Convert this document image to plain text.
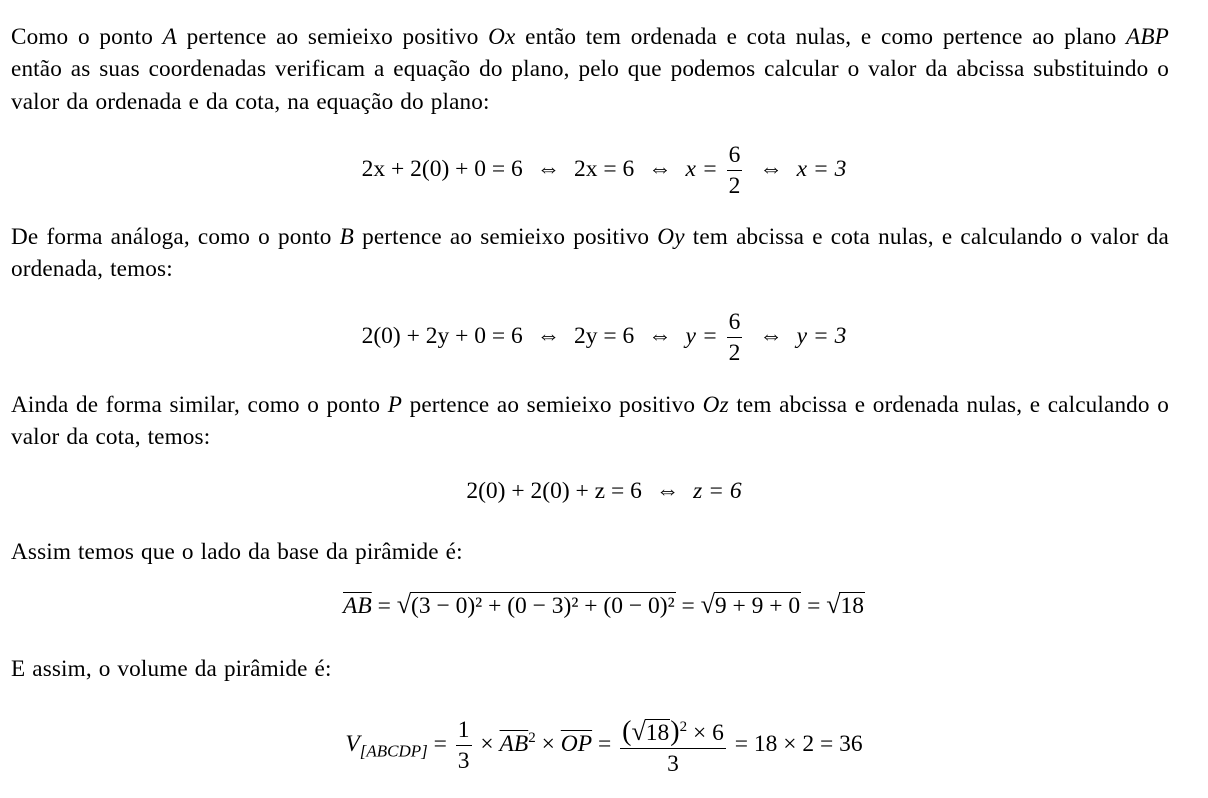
Como o ponto A pertence ao semieixo positivo Ox então tem ordenada e cota nulas, e como pertence ao plano ABP então as suas coordenadas verificam a equação do plano, pelo que podemos calcular o valor da abcissa substituindo o valor da ordenada e da cota, na equação do plano:

2x + 2(0) + 0 = 6 ⇔ 2x = 6 ⇔ $x = \frac{6}{2}$ ⇔ x = 3

De forma análoga, como o ponto B pertence ao semieixo positivo Oy tem abcissa e cota nulas, e calculando o valor da ordenada, temos:

2(0) + 2y + 0 = 6 ⇔ 2y = 6 ⇔ $y = \frac{6}{2}$ ⇔ y = 3

Ainda de forma similar, como o ponto P pertence ao semieixo positivo Oz tem abcissa e ordenada nulas, e calculando o valor da cota, temos:

2(0) + 2(0) + z = 6 ⇔ z = 6

Assim temos que o lado da base da pirâmide é:

$\overline{AB} = √(3 - 0)^2 + (0 - 3)^2 + (0 - 0)^2 = √9 + 9 + 0 = √18$

E assim, o volume da pirâmide é:

$V_{[ABCDP]} = \frac{1}{3} \times \overline{AB}^2 \times \overline{OP} = \frac{(√18)^2 \times 6}{3} = 18 \times 2 = 36$
